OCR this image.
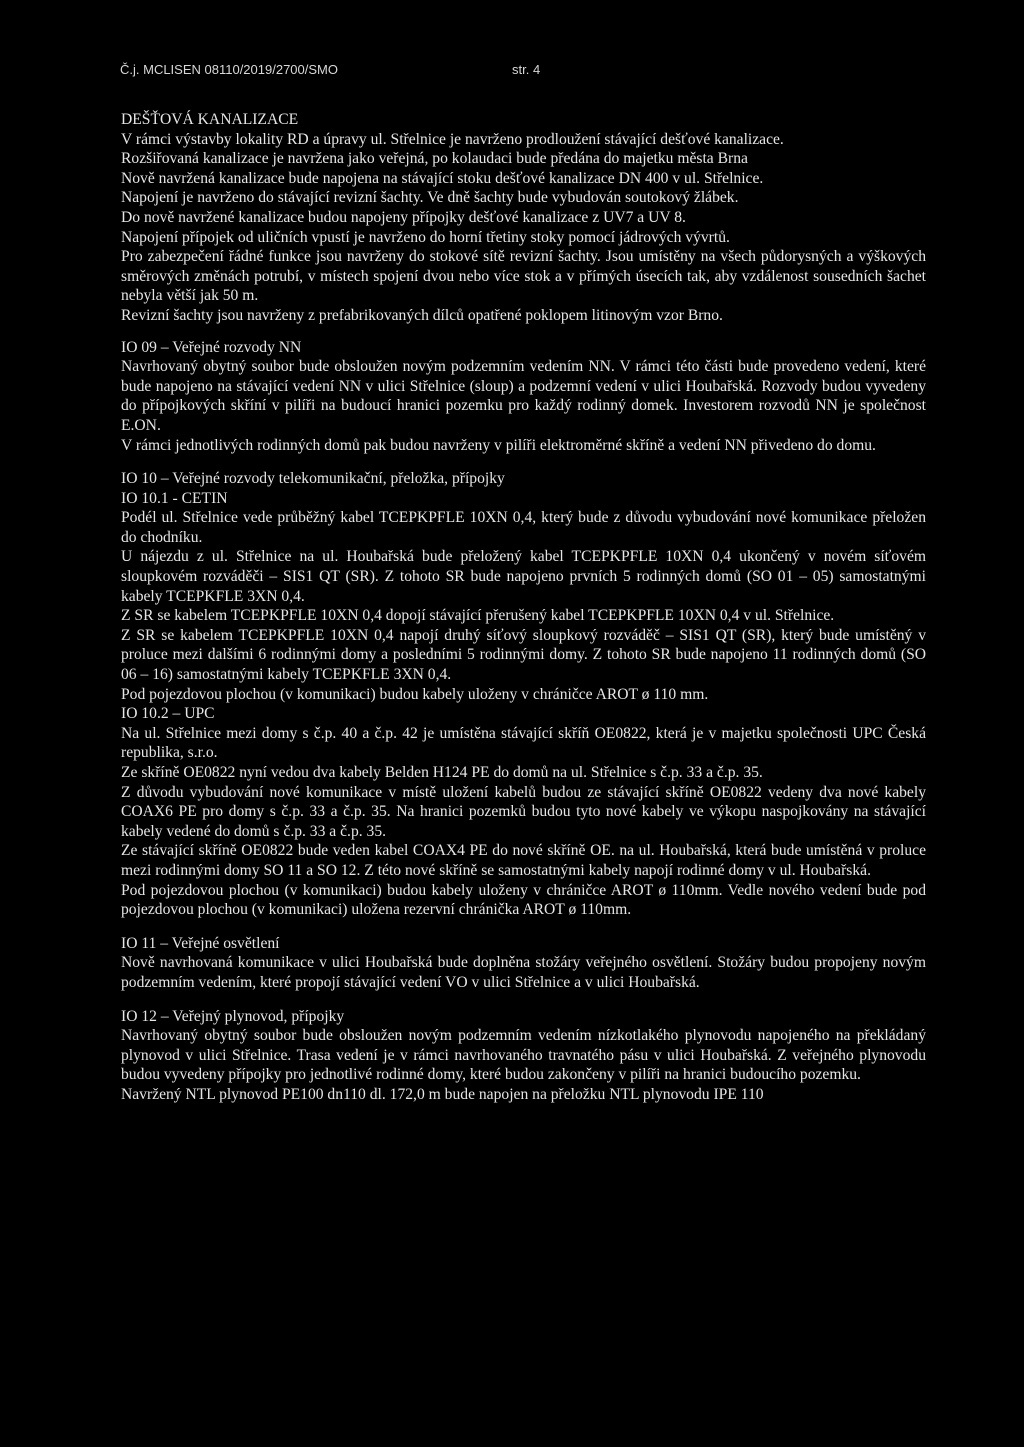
Č.j. MCLISEN 08110/2019/2700/SMO	str. 4

DEŠŤOVÁ KANALIZACE

V rámci výstavby lokality RD a úpravy ul. Střelnice je navrženo prodloužení stávající dešťové kanalizace.

Rozšiřovaná kanalizace je navržena jako veřejná, po kolaudaci bude předána do majetku města Brna

Nově navržená kanalizace bude napojena na stávající stoku dešťové kanalizace DN 400 v ul. Střelnice.

Napojení je navrženo do stávající revizní šachty. Ve dně šachty bude vybudován soutokový žlábek.

Do nově navržené kanalizace budou napojeny přípojky dešťové kanalizace z UV7 a UV 8.

Napojení přípojek od uličních vpustí je navrženo do horní třetiny stoky pomocí jádrových vývrtů.

Pro zabezpečení řádné funkce jsou navrženy do stokové sítě revizní šachty. Jsou umístěny na všech půdorysných a výškových směrových změnách potrubí, v místech spojení dvou nebo více stok a v přímých úsecích tak, aby vzdálenost sousedních šachet nebyla větší jak 50 m.

Revizní šachty jsou navrženy z prefabrikovaných dílců opatřené poklopem litinovým vzor Brno.

IO 09 – Veřejné rozvody NN

Navrhovaný obytný soubor bude obsloužen novým podzemním vedením NN. V rámci této části bude provedeno vedení, které bude napojeno na stávající vedení NN v ulici Střelnice (sloup) a podzemní vedení v ulici Houbařská. Rozvody budou vyvedeny do přípojkových skříní v pilíři na budoucí hranici pozemku pro každý rodinný domek. Investorem rozvodů NN je společnost E.ON.

V rámci jednotlivých rodinných domů pak budou navrženy v pilíři elektroměrné skříně a vedení NN přivedeno do domu.

IO 10 – Veřejné rozvody telekomunikační, přeložka, přípojky

IO 10.1 - CETIN

Podél ul. Střelnice vede průběžný kabel TCEPKPFLE 10XN 0,4, který bude z důvodu vybudování nové komunikace přeložen do chodníku.

U nájezdu z ul. Střelnice na ul. Houbařská bude přeložený kabel TCEPKPFLE 10XN 0,4 ukončený v novém síťovém sloupkovém rozváděči – SIS1 QT (SR). Z tohoto SR bude napojeno prvních 5 rodinných domů (SO 01 – 05) samostatnými kabely TCEPKFLE 3XN 0,4.

Z SR se kabelem TCEPKPFLE 10XN 0,4 dopojí stávající přerušený kabel TCEPKPFLE 10XN 0,4 v ul. Střelnice.

Z SR se kabelem TCEPKPFLE 10XN 0,4 napojí druhý síťový sloupkový rozváděč – SIS1 QT (SR), který bude umístěný v proluce mezi dalšími 6 rodinnými domy a posledními 5 rodinnými domy. Z tohoto SR bude napojeno 11 rodinných domů (SO 06 – 16) samostatnými kabely TCEPKFLE 3XN 0,4.

Pod pojezdovou plochou (v komunikaci) budou kabely uloženy v chráničce AROT ø 110 mm.

IO 10.2 – UPC

Na ul. Střelnice mezi domy s č.p. 40 a č.p. 42 je umístěna stávající skříň OE0822, která je v majetku společnosti UPC Česká republika, s.r.o.

Ze skříně OE0822 nyní vedou dva kabely Belden H124 PE do domů na ul. Střelnice s č.p. 33 a č.p. 35.

Z důvodu vybudování nové komunikace v místě uložení kabelů budou ze stávající skříně OE0822 vedeny dva nové kabely COAX6 PE pro domy s č.p. 33 a č.p. 35. Na hranici pozemků budou tyto nové kabely ve výkopu naspojkovány na stávající kabely vedené do domů s č.p. 33 a č.p. 35.

Ze stávající skříně OE0822 bude veden kabel COAX4 PE do nové skříně OE. na ul. Houbařská, která bude umístěná v proluce mezi rodinnými domy SO 11 a SO 12. Z této nové skříně se samostatnými kabely napojí rodinné domy v ul. Houbařská.

Pod pojezdovou plochou (v komunikaci) budou kabely uloženy v chráničce AROT ø 110mm. Vedle nového vedení bude pod pojezdovou plochou (v komunikaci) uložena rezervní chránička AROT ø 110mm.

IO 11 – Veřejné osvětlení

Nově navrhovaná komunikace v ulici Houbařská bude doplněna stožáry veřejného osvětlení. Stožáry budou propojeny novým podzemním vedením, které propojí stávající vedení VO v ulici Střelnice a v ulici Houbařská.

IO 12 – Veřejný plynovod, přípojky

Navrhovaný obytný soubor bude obsloužen novým podzemním vedením nízkotlakého plynovodu napojeného na překládaný plynovod v ulici Střelnice. Trasa vedení je v rámci navrhovaného travnatého pásu v ulici Houbařská. Z veřejného plynovodu budou vyvedeny přípojky pro jednotlivé rodinné domy, které budou zakončeny v pilíři na hranici budoucího pozemku.

Navržený NTL plynovod PE100 dn110 dl. 172,0 m bude napojen na přeložku NTL plynovodu IPE 110
